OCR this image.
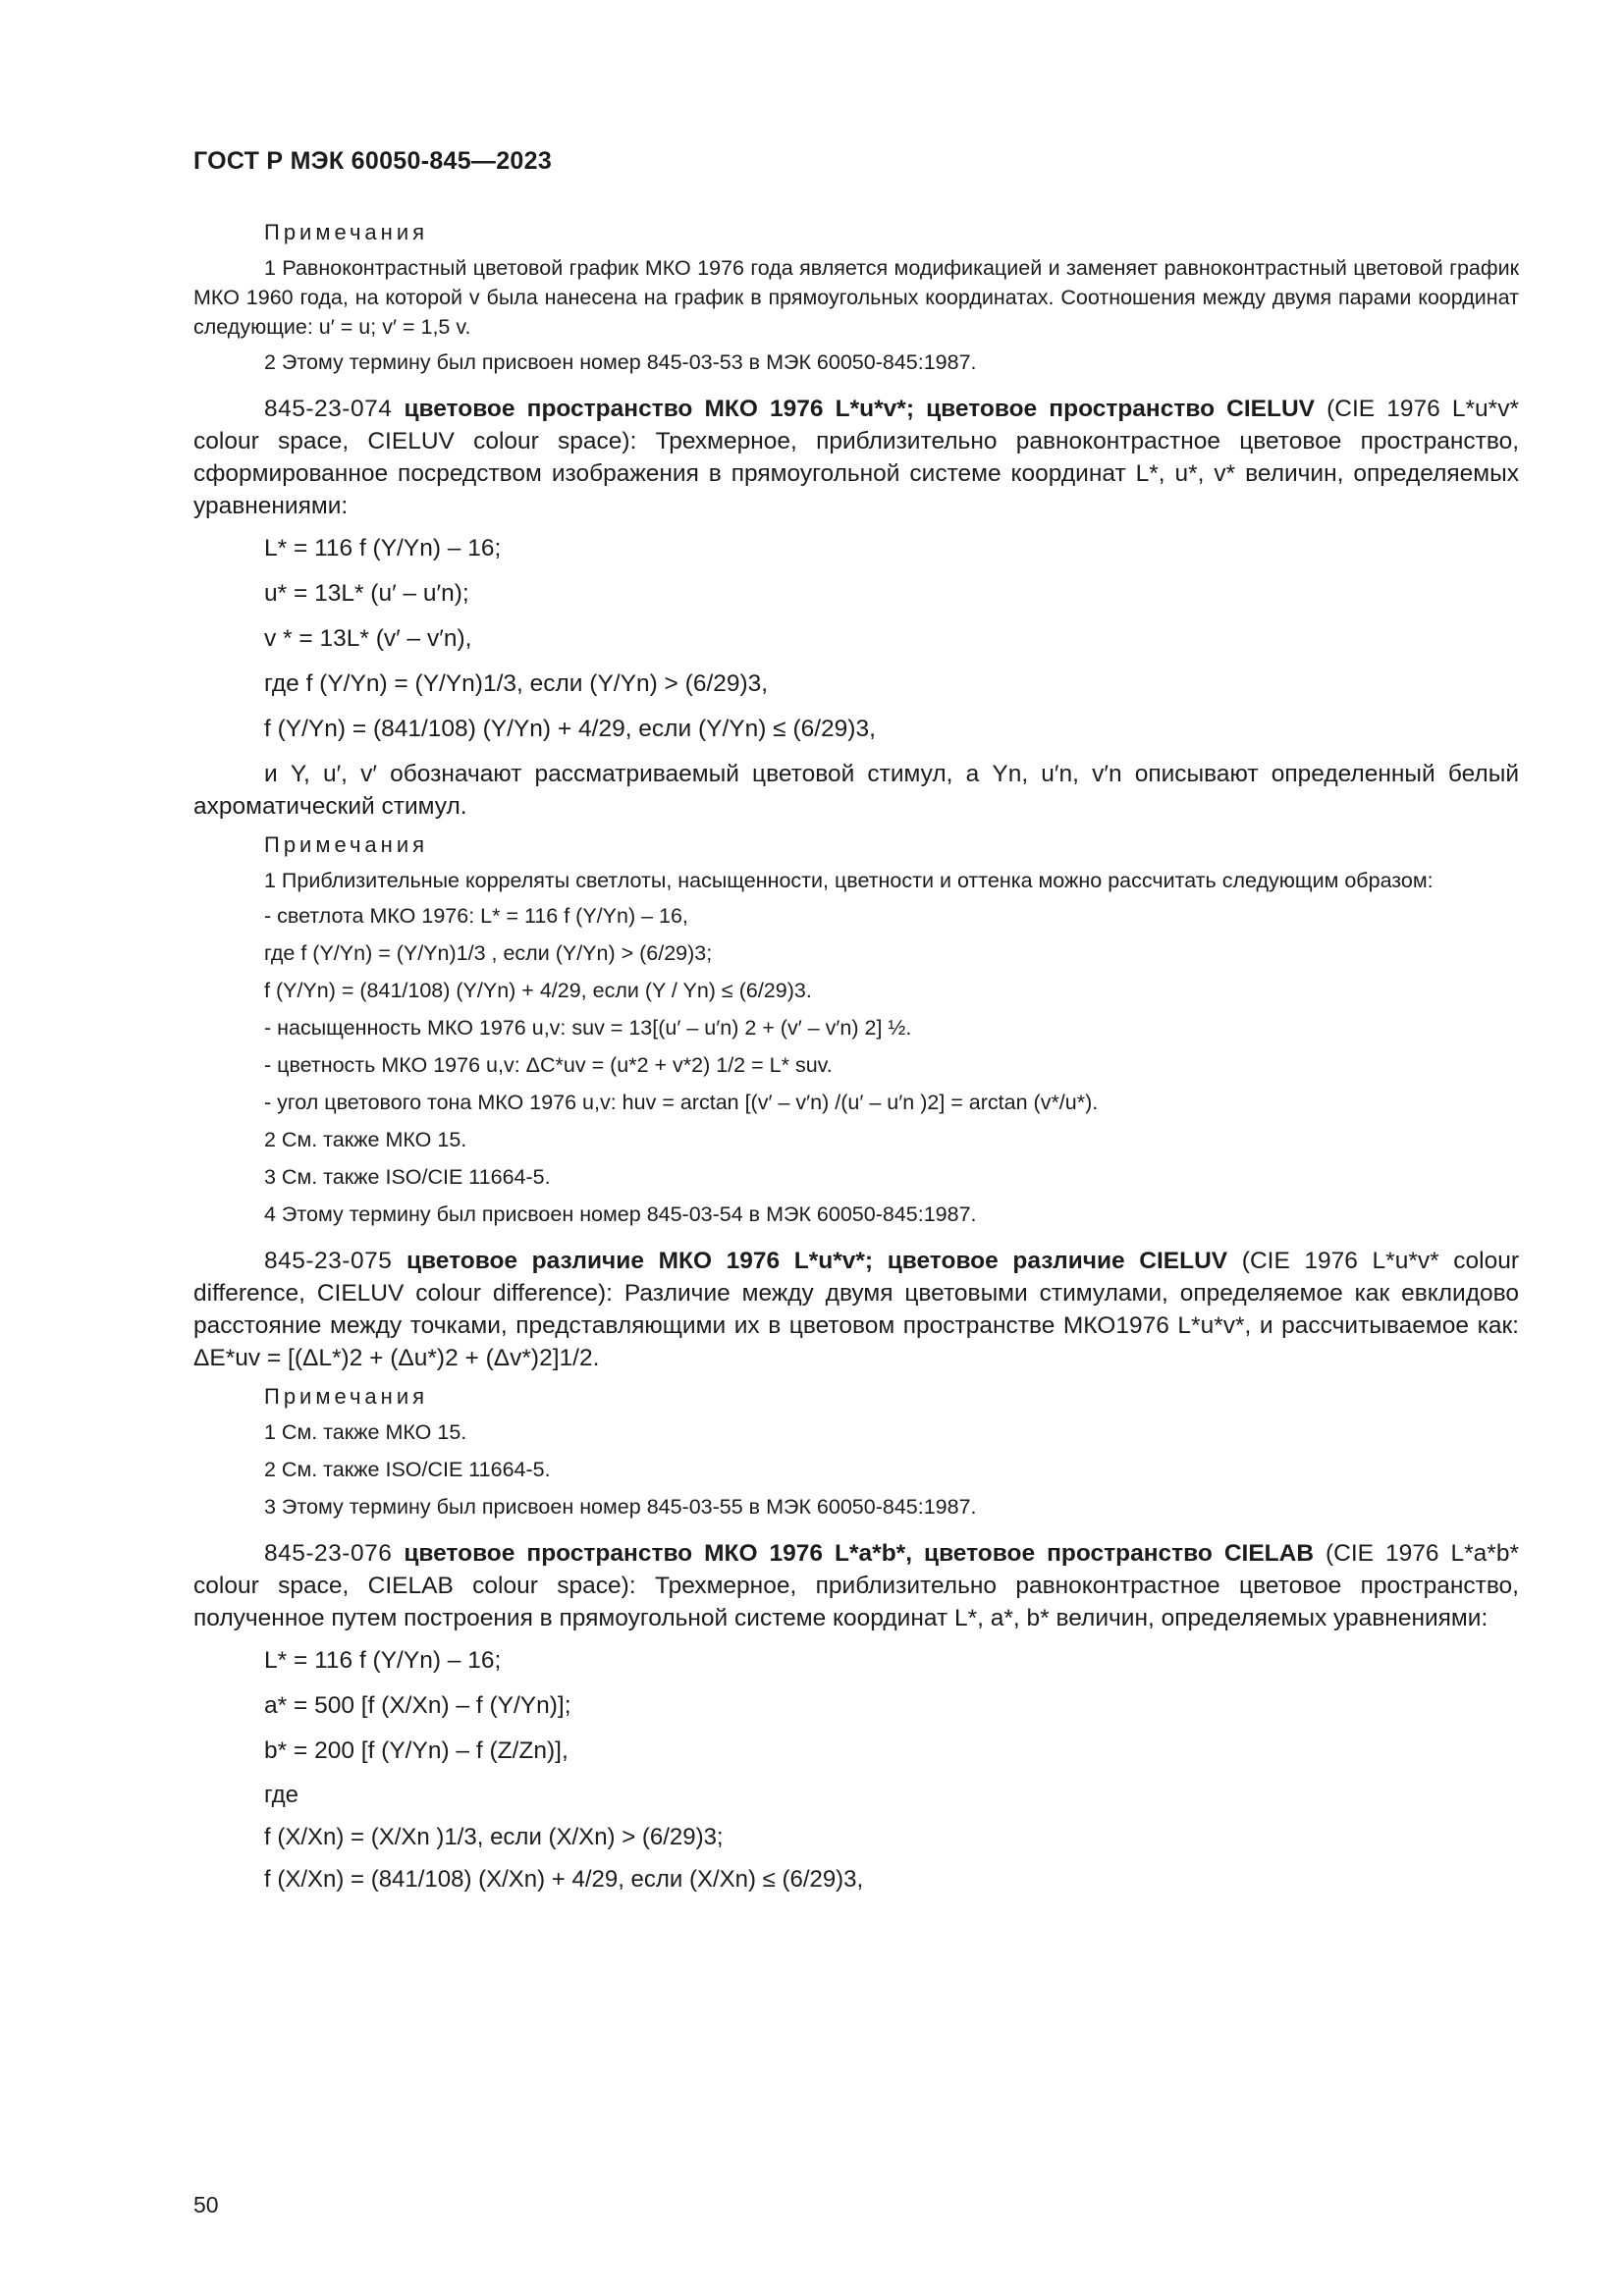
ГОСТ Р МЭК 60050-845—2023
Примечания
1 Равноконтрастный цветовой график МКО 1976 года является модификацией и заменяет равноконтрастный цветовой график МКО 1960 года, на которой v была нанесена на график в прямоугольных координатах. Соотношения между двумя парами координат следующие: u′ = u; v′ = 1,5 v.
2 Этому термину был присвоен номер 845-03-53 в МЭК 60050-845:1987.
845-23-074 цветовое пространство МКО 1976 L*u*v*; цветовое пространство CIELUV (CIE 1976 L*u*v* colour space, CIELUV colour space): Трехмерное, приблизительно равноконтрастное цветовое пространство, сформированное посредством изображения в прямоугольной системе координат L*, u*, v* величин, определяемых уравнениями:
L* = 116 f (Y/Yn) – 16;
u* = 13L* (u′ – u′n);
v * = 13L* (v′ – v′n),
где f (Y/Yn) = (Y/Yn)1/3, если (Y/Yn) > (6/29)3,
f (Y/Yn) = (841/108) (Y/Yn) + 4/29, если (Y/Yn) ≤ (6/29)3,
и Y, u′, v′ обозначают рассматриваемый цветовой стимул, а Yn, u′n, v′n описывают определенный белый ахроматический стимул.
Примечания
1 Приблизительные корреляты светлоты, насыщенности, цветности и оттенка можно рассчитать следующим образом:
- светлота МКО 1976: L* = 116 f (Y/Yn) – 16,
где f (Y/Yn) = (Y/Yn)1/3 , если (Y/Yn) > (6/29)3;
f (Y/Yn) = (841/108) (Y/Yn) + 4/29, если (Y / Yn) ≤ (6/29)3.
- насыщенность МКО 1976 u,v: suv = 13[(u′ – u′n) 2 + (v′ – v′n) 2] ½.
- цветность МКО 1976 u,v: ΔC*uv = (u*2 + v*2) 1/2 = L* suv.
- угол цветового тона МКО 1976 u,v: huv = arctan [(v′ – v′n) /(u′ – u′n )2] = arctan (v*/u*).
2 См. также МКО 15.
3 См. также ISO/CIE 11664-5.
4 Этому термину был присвоен номер 845-03-54 в МЭК 60050-845:1987.
845-23-075 цветовое различие МКО 1976 L*u*v*; цветовое различие CIELUV (CIE 1976 L*u*v* colour difference, CIELUV colour difference): Различие между двумя цветовыми стимулами, определяемое как евклидово расстояние между точками, представляющими их в цветовом пространстве МКО1976 L*u*v*, и рассчитываемое как: ΔE*uv = [(ΔL*)2 + (Δu*)2 + (Δv*)2]1/2.
Примечания
1 См. также МКО 15.
2 См. также ISO/CIE 11664-5.
3 Этому термину был присвоен номер 845-03-55 в МЭК 60050-845:1987.
845-23-076 цветовое пространство МКО 1976 L*a*b*, цветовое пространство CIELAB (CIE 1976 L*a*b* colour space, CIELAB colour space): Трехмерное, приблизительно равноконтрастное цветовое пространство, полученное путем построения в прямоугольной системе координат L*, a*, b* величин, определяемых уравнениями:
L* = 116 f (Y/Yn) – 16;
a* = 500 [f (X/Xn) – f (Y/Yn)];
b* = 200 [f (Y/Yn) – f (Z/Zn)],
где
f (X/Xn) = (X/Xn )1/3, если (X/Xn) > (6/29)3;
f (X/Xn) = (841/108) (X/Xn) + 4/29, если (X/Xn) ≤ (6/29)3,
50
